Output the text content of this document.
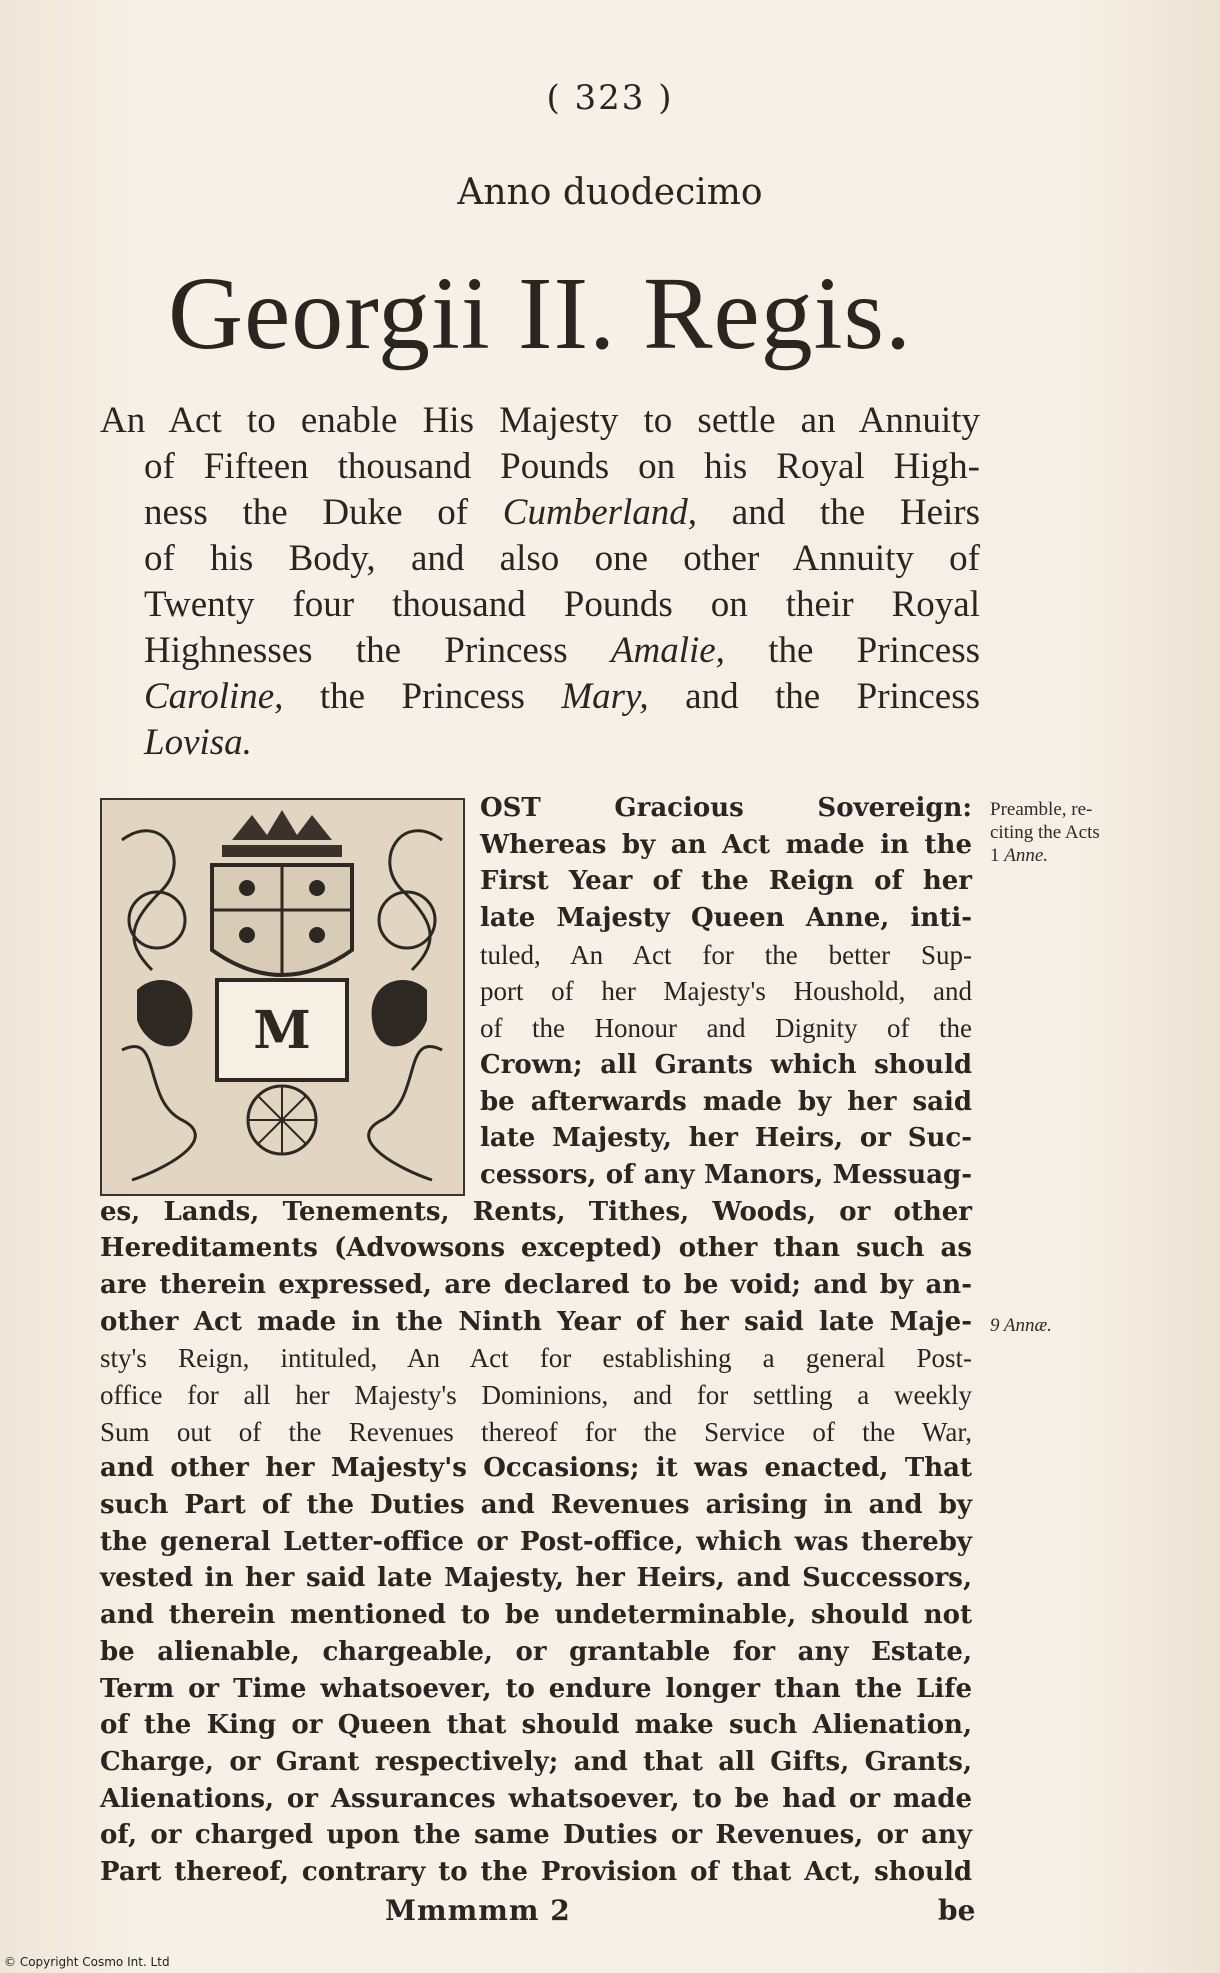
( 323 )
Anno duodecimo
Georgii II. Regis.
An Act to enable His Majesty to settle an Annuity
of Fifteen thousand Pounds on his Royal High-
ness the Duke of Cumberland, and the Heirs
of his Body, and also one other Annuity of
Twenty four thousand Pounds on their Royal
Highnesses the Princess Amalie, the Princess
Caroline, the Princess Mary, and the Princess
Lovisa.
M
OST Gracious Sovereign:
Whereas by an Act made in the
First Year of the Reign of her
late Majesty Queen Anne, inti-
tuled, An Act for the better Sup-
port of her Majesty's Houshold, and
of the Honour and Dignity of the
Crown; all Grants which should
be afterwards made by her said
late Majesty, her Heirs, or Suc-
cessors, of any Manors, Messuag-
es, Lands, Tenements, Rents, Tithes, Woods, or other
Hereditaments (Advowsons excepted) other than such as
are therein expressed, are declared to be void; and by an-
other Act made in the Ninth Year of her said late Maje-
sty's Reign, intituled, An Act for establishing a general Post-
office for all her Majesty's Dominions, and for settling a weekly
Sum out of the Revenues thereof for the Service of the War,
and other her Majesty's Occasions; it was enacted, That
such Part of the Duties and Revenues arising in and by
the general Letter-office or Post-office, which was thereby
vested in her said late Majesty, her Heirs, and Successors,
and therein mentioned to be undeterminable, should not
be alienable, chargeable, or grantable for any Estate,
Term or Time whatsoever, to endure longer than the Life
of the King or Queen that should make such Alienation,
Charge, or Grant respectively; and that all Gifts, Grants,
Alienations, or Assurances whatsoever, to be had or made
of, or charged upon the same Duties or Revenues, or any
Part thereof, contrary to the Provision of that Act, should
Preamble, re-
citing the Acts
1 Anne.
9 Annæ.
Mmmmm 2	be
© Copyright Cosmo Int. Ltd
